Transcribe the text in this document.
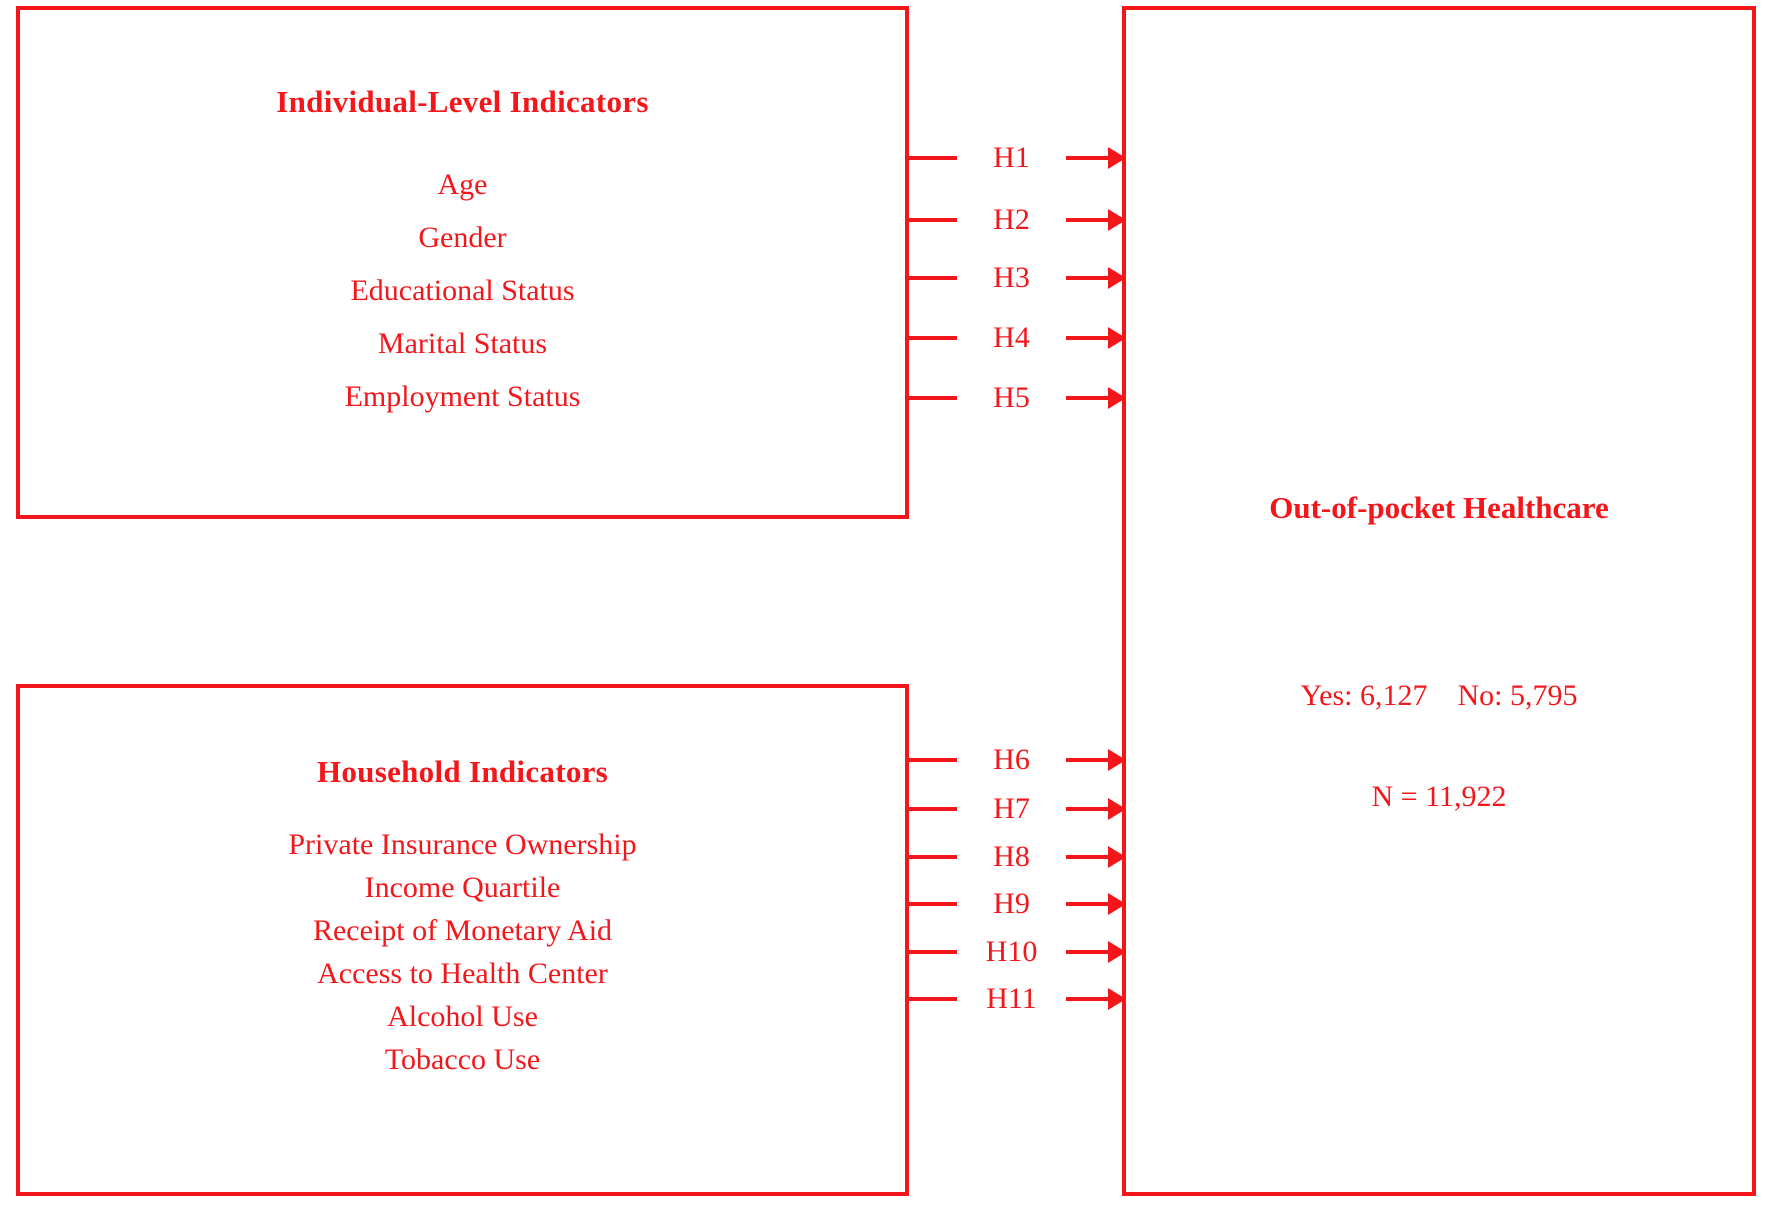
Individual-Level Indicators
Age
Gender
Educational Status
Marital Status
Employment Status
Household Indicators
Private Insurance Ownership
Income Quartile
Receipt of Monetary Aid
Access to Health Center
Alcohol Use
Tobacco Use
Out-of-pocket Healthcare

Yes: 6,127    No: 5,795

N = 11,922

H1
H2
H3
H4
H5
H6
H7
H8
H9
H10
H11
